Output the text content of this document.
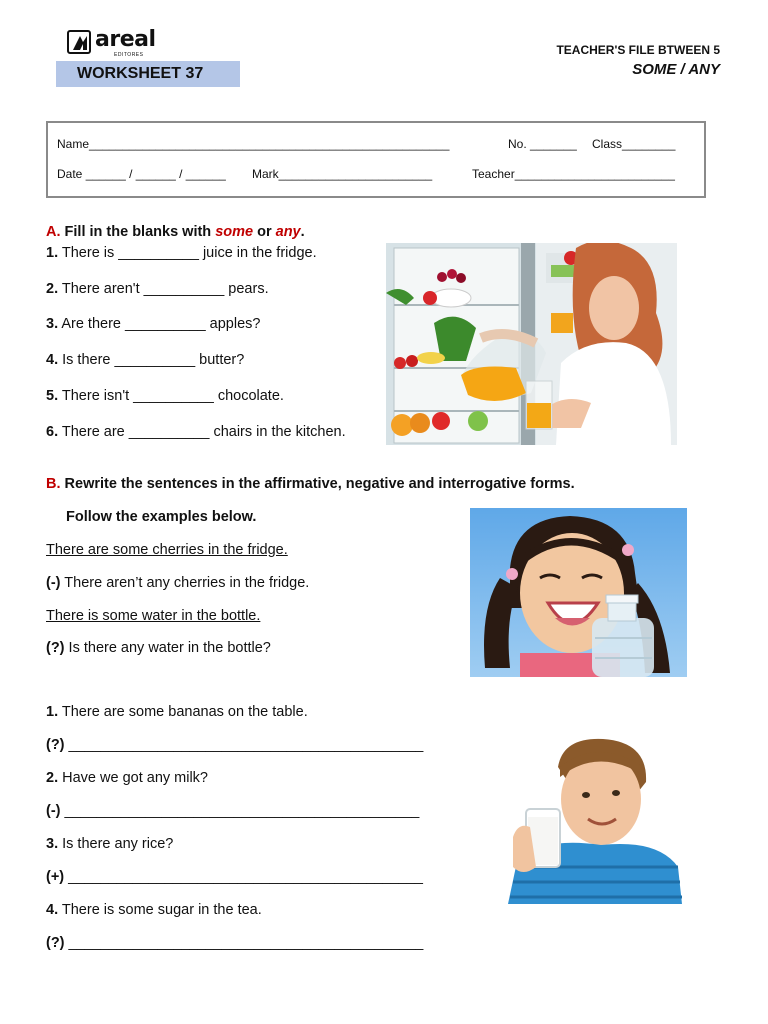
areal
EDITORES
WORKSHEET 37
TEACHER'S FILE BTWEEN 5
SOME / ANY
Name______________________________________________________	No. _______ Class________
Date ______ / ______ / ______ Mark_______________________	Teacher________________________
A. Fill in the blanks with some or any.
1. There is __________ juice in the fridge.
2. There aren't __________ pears.
3. Are there __________ apples?
4. Is there __________ butter?
5. There isn't __________ chocolate.
6. There are __________ chairs in the kitchen.
B. Rewrite the sentences in the affirmative, negative and interrogative forms.
Follow the examples below.
There are some cherries in the fridge.
(-) There aren’t any cherries in the fridge.
There is some water in the bottle.
(?) Is there any water in the bottle?
1. There are some bananas on the table.
(?) ____________________________________________
2. Have we got any milk?
(-) ____________________________________________
3. Is there any rice?
(+) ____________________________________________
4. There is some sugar in the tea.
(?) ____________________________________________
